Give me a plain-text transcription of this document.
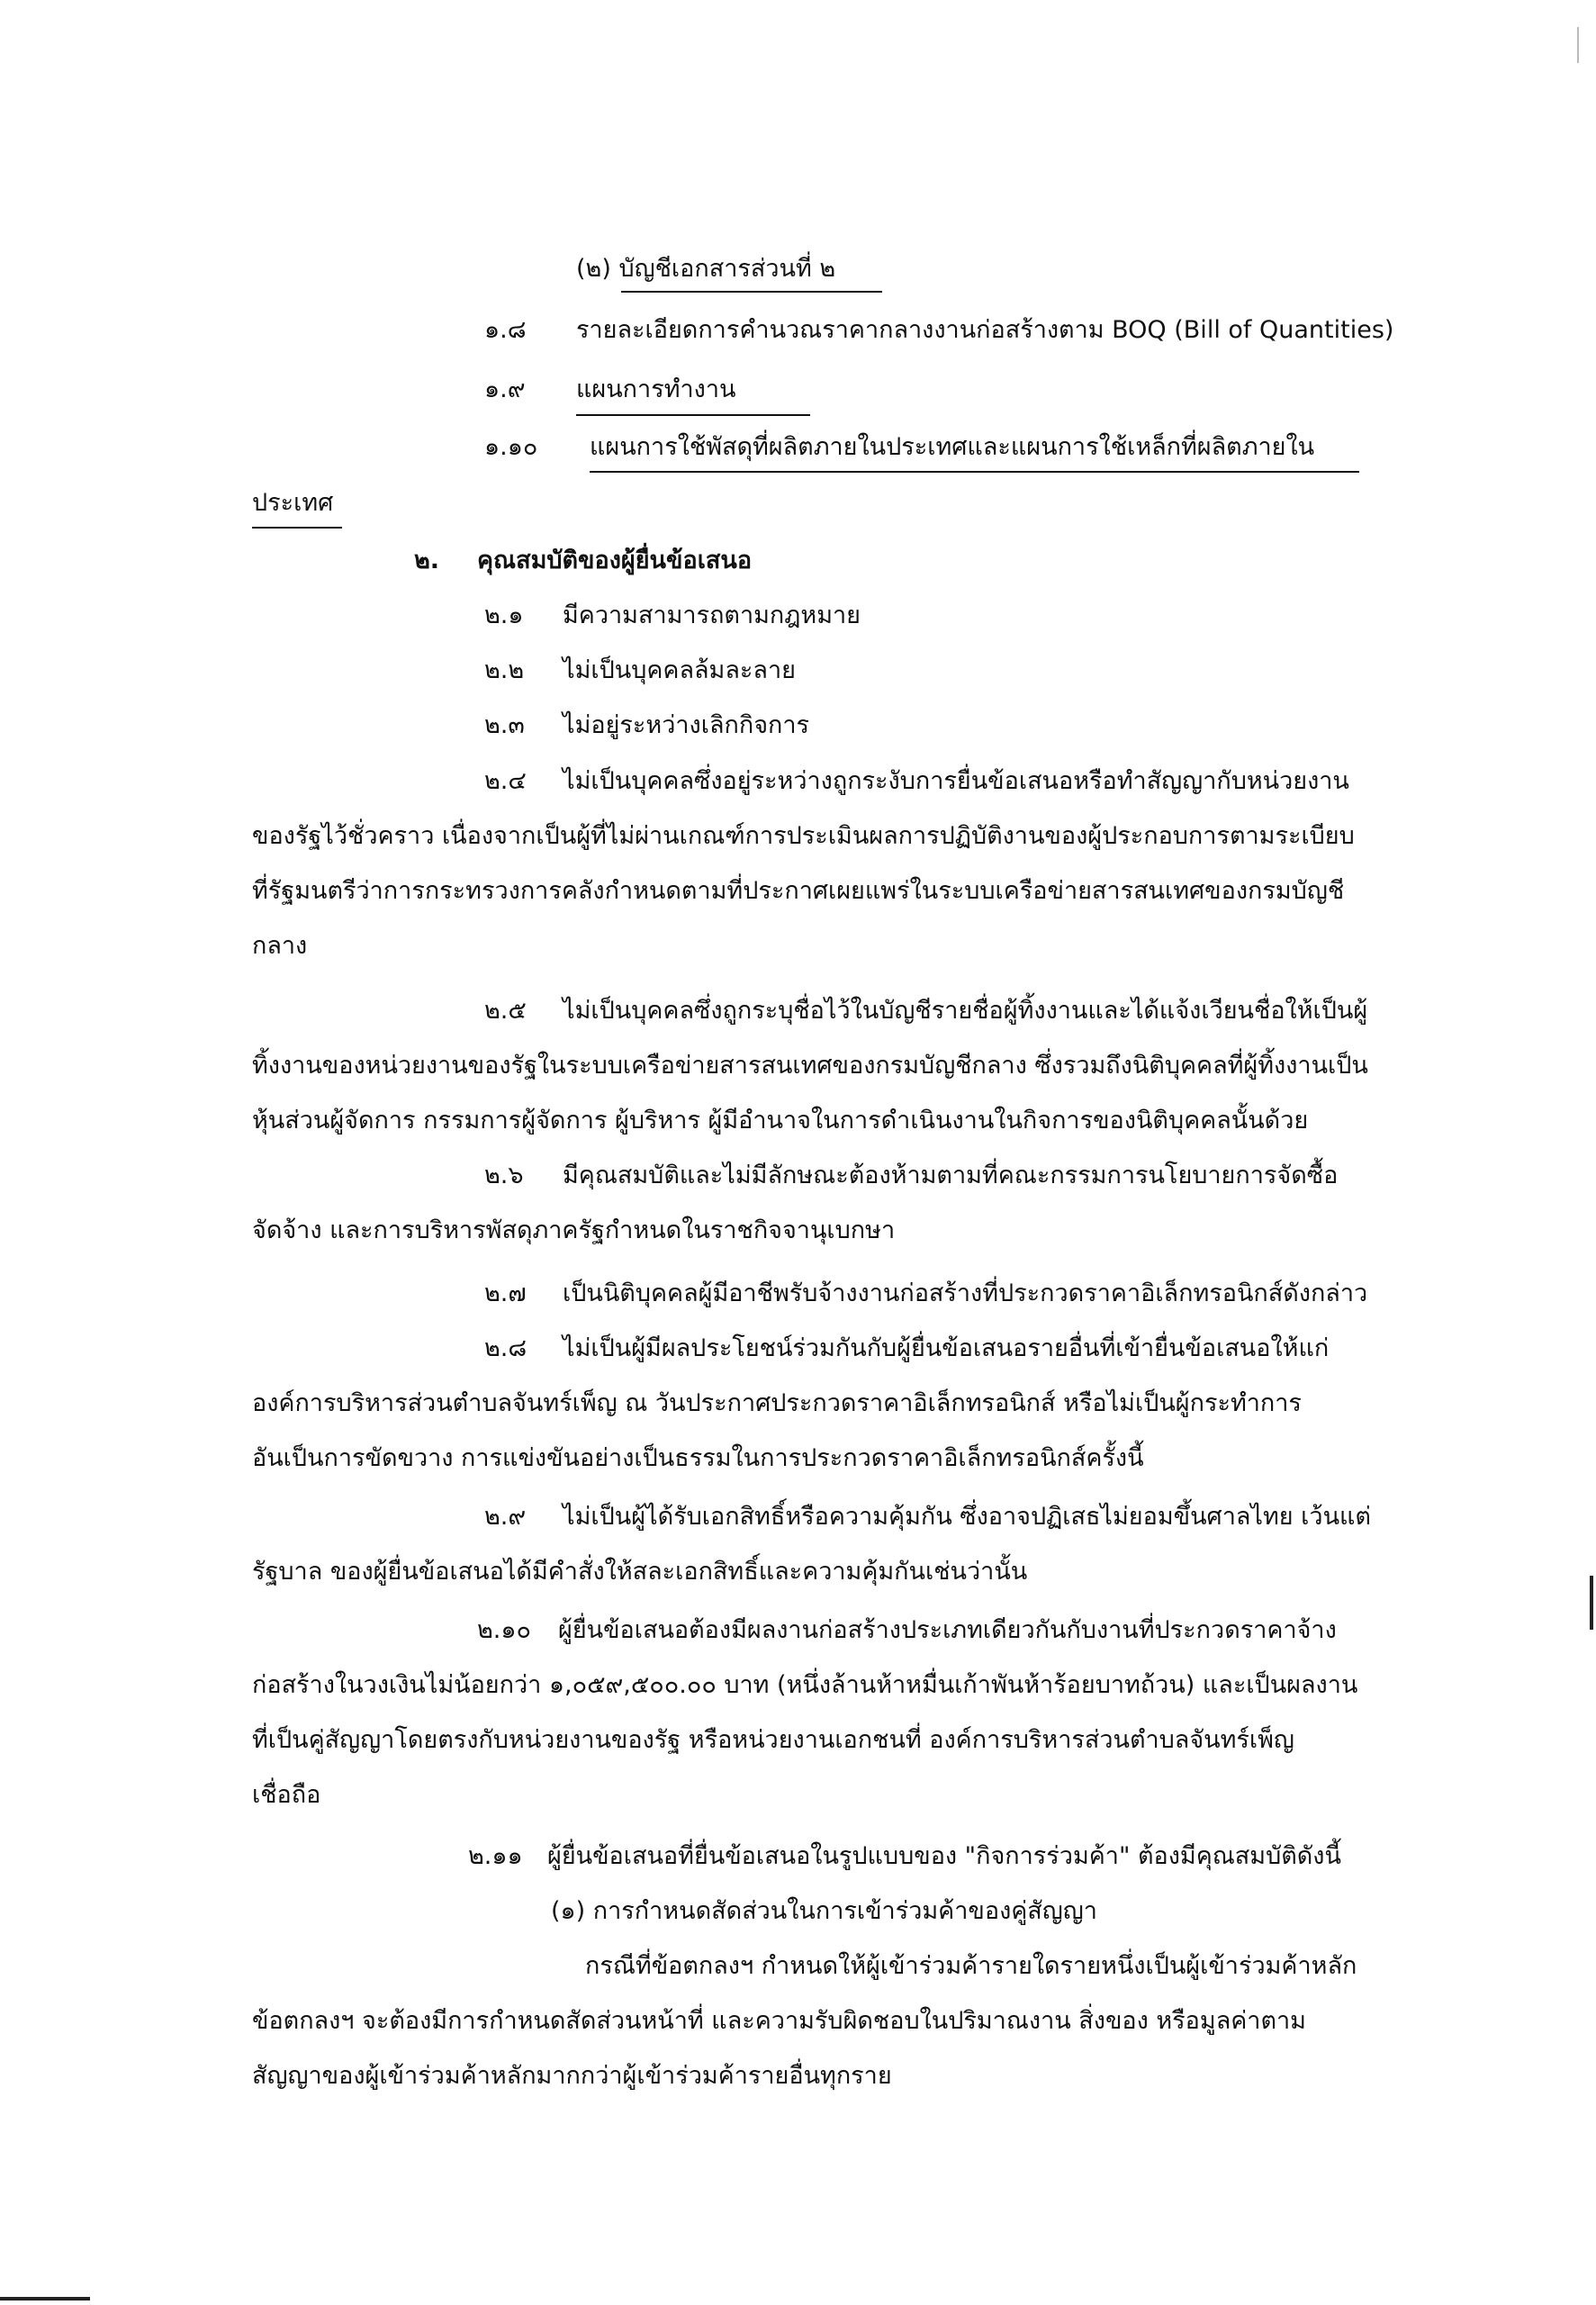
(๒) บัญชีเอกสารส่วนที่ ๒
๑.๘ รายละเอียดการคำนวณราคากลางงานก่อสร้างตาม BOQ (Bill of Quantities)
๑.๙ แผนการทำงาน
๑.๑๐ แผนการใช้พัสดุที่ผลิตภายในประเทศและแผนการใช้เหล็กที่ผลิตภายใน
ประเทศ
๒. คุณสมบัติของผู้ยื่นข้อเสนอ
๒.๑ มีความสามารถตามกฎหมาย
๒.๒ ไม่เป็นบุคคลล้มละลาย
๒.๓ ไม่อยู่ระหว่างเลิกกิจการ
๒.๔ ไม่เป็นบุคคลซึ่งอยู่ระหว่างถูกระงับการยื่นข้อเสนอหรือทำสัญญากับหน่วยงาน
ของรัฐไว้ชั่วคราว เนื่องจากเป็นผู้ที่ไม่ผ่านเกณฑ์การประเมินผลการปฏิบัติงานของผู้ประกอบการตามระเบียบ
ที่รัฐมนตรีว่าการกระทรวงการคลังกำหนดตามที่ประกาศเผยแพร่ในระบบเครือข่ายสารสนเทศของกรมบัญชี
กลาง
๒.๕ ไม่เป็นบุคคลซึ่งถูกระบุชื่อไว้ในบัญชีรายชื่อผู้ทิ้งงานและได้แจ้งเวียนชื่อให้เป็นผู้
ทิ้งงานของหน่วยงานของรัฐในระบบเครือข่ายสารสนเทศของกรมบัญชีกลาง ซึ่งรวมถึงนิติบุคคลที่ผู้ทิ้งงานเป็น
หุ้นส่วนผู้จัดการ กรรมการผู้จัดการ ผู้บริหาร ผู้มีอำนาจในการดำเนินงานในกิจการของนิติบุคคลนั้นด้วย
๒.๖ มีคุณสมบัติและไม่มีลักษณะต้องห้ามตามที่คณะกรรมการนโยบายการจัดซื้อ
จัดจ้าง และการบริหารพัสดุภาครัฐกำหนดในราชกิจจานุเบกษา
๒.๗ เป็นนิติบุคคลผู้มีอาชีพรับจ้างงานก่อสร้างที่ประกวดราคาอิเล็กทรอนิกส์ดังกล่าว
๒.๘ ไม่เป็นผู้มีผลประโยชน์ร่วมกันกับผู้ยื่นข้อเสนอรายอื่นที่เข้ายื่นข้อเสนอให้แก่
องค์การบริหารส่วนตำบลจันทร์เพ็ญ ณ วันประกาศประกวดราคาอิเล็กทรอนิกส์ หรือไม่เป็นผู้กระทำการ
อันเป็นการขัดขวาง การแข่งขันอย่างเป็นธรรมในการประกวดราคาอิเล็กทรอนิกส์ครั้งนี้
๒.๙ ไม่เป็นผู้ได้รับเอกสิทธิ์หรือความคุ้มกัน ซึ่งอาจปฏิเสธไม่ยอมขึ้นศาลไทย เว้นแต่
รัฐบาล ของผู้ยื่นข้อเสนอได้มีคำสั่งให้สละเอกสิทธิ์และความคุ้มกันเช่นว่านั้น
๒.๑๐ ผู้ยื่นข้อเสนอต้องมีผลงานก่อสร้างประเภทเดียวกันกับงานที่ประกวดราคาจ้าง
ก่อสร้างในวงเงินไม่น้อยกว่า ๑,๐๕๙,๕๐๐.๐๐ บาท (หนึ่งล้านห้าหมื่นเก้าพันห้าร้อยบาทถ้วน) และเป็นผลงาน
ที่เป็นคู่สัญญาโดยตรงกับหน่วยงานของรัฐ หรือหน่วยงานเอกชนที่ องค์การบริหารส่วนตำบลจันทร์เพ็ญ
เชื่อถือ
๒.๑๑ ผู้ยื่นข้อเสนอที่ยื่นข้อเสนอในรูปแบบของ "กิจการร่วมค้า" ต้องมีคุณสมบัติดังนี้
(๑) การกำหนดสัดส่วนในการเข้าร่วมค้าของคู่สัญญา
กรณีที่ข้อตกลงฯ กำหนดให้ผู้เข้าร่วมค้ารายใดรายหนึ่งเป็นผู้เข้าร่วมค้าหลัก
ข้อตกลงฯ จะต้องมีการกำหนดสัดส่วนหน้าที่ และความรับผิดชอบในปริมาณงาน สิ่งของ หรือมูลค่าตาม
สัญญาของผู้เข้าร่วมค้าหลักมากกว่าผู้เข้าร่วมค้ารายอื่นทุกราย
